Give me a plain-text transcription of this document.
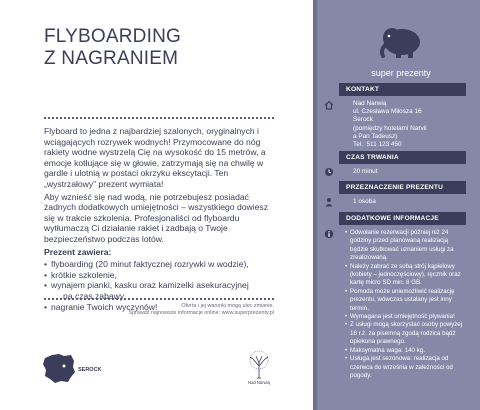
FLYBOARDING
Z NAGRANIEM

Flyboard to jedna z najbardziej szalonych, oryginalnych i wciągających rozrywek wodnych! Przymocowane do nóg rakiety wodne wystrzelą Cię na wysokość do 15 metrów, a emocje kotłujące się w głowie, zatrzymają się na chwilę w gardle i ulotnią w postaci okrzyku ekscytacji. Ten „wystrzałowy” prezent wymiata!

Aby wznieść się nad wodą, nie potrzebujesz posiadać żadnych dodatkowych umiejętności – wszystkiego dowiesz się w trakcie szkolenia. Profesjonaliści od flyboardu wytłumaczą Ci działanie rakiet i zadbają o Twoje bezpieczeństwo podczas lotów.

Prezent zawiera:

• flyboarding (20 minut faktycznej rozrywki w wodzie),
• krótkie szkolenie,
• wynajem pianki, kasku oraz kamizelki asekuracyjnej
na czas zabawy,
• nagranie Twoich wyczynów!	Oferta i jej warunki mogą ulec zmianie.
Sprawdź najnowsze informacje online: www.superprezenty.pl
SEROCK
Nad Narwią
super prezenty
KONTAKT
Nad Narwią
ul. Czesława Miłosza 16
Serock
(pomiędzy hotelami Narvil
a Pan Tadeusz)
Tel.: 511 123 450
CZAS TRWANIA
20 minut
PRZEZNACZENIE PREZENTU
1 osoba
DODATKOWE INFORMACJE
• Odwołanie rezerwacji później niż 24 godziny przed planowaną realizacją będzie skutkować uznaniem usługi za zrealizowaną.
• Należy zabrać ze sobą strój kąpielowy (kobiety – jednoczęściowy), ręcznik oraz kartę micro SD min. 8 GB.
• Pomoda może uniemożliwić realizację prezentu, wówczas ustalany jest inny termin.
• Wymagana jest umiejętność pływania!
• Z usługi mogą skorzystać osoby powyżej 16 r.ż. za pisemną zgodą rodzica bądź opiekuna prawnego.
• Maksymalna waga: 140 kg.
• Usługa jest sezonowa: realizacja od czerwca do września w zależności od pogody.
